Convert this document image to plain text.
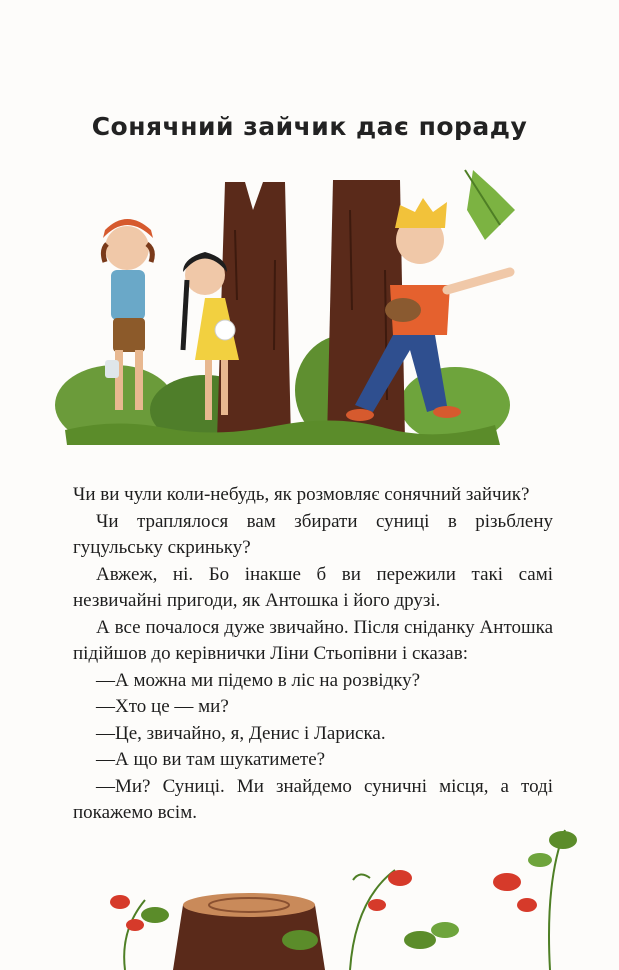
Сонячний зайчик дає пораду

Чи ви чули коли-небудь, як розмовляє сонячний зайчик?

Чи траплялося вам збирати суниці в різьблену гуцульську скриньку?

Авжеж, ні. Бо інакше б ви пережили такі самі незвичайні пригоди, як Антошка і його друзі.

А все почалося дуже звичайно. Після сніданку Антошка підійшов до керівнички Ліни Стьопівни і сказав:

—А можна ми підемо в ліс на розвідку?

—Хто це — ми?

—Це, звичайно, я, Денис і Лариска.

—А що ви там шукатимете?

—Ми? Суниці. Ми знайдемо суничні місця, а тоді покажемо всім.
